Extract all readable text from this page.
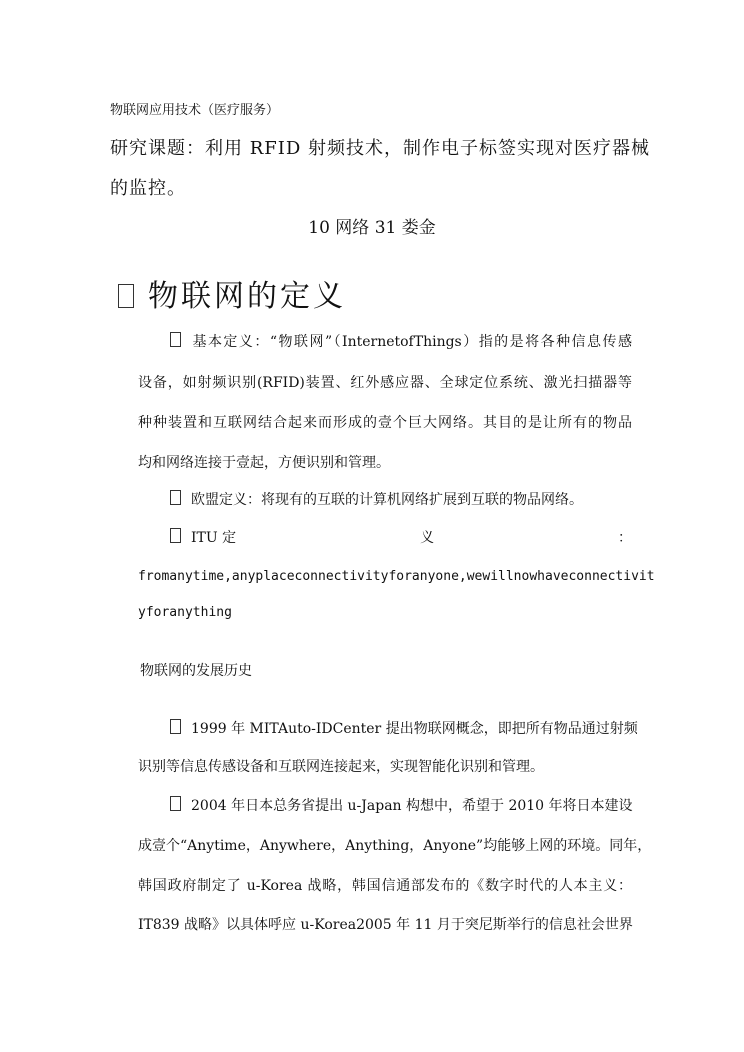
物联网应用技术（医疗服务）
研究课题：利用 RFID 射频技术，制作电子标签实现对医疗器械
的监控。
10 网络 31 娄金
物联网的定义
基本定义：“物联网”（InternetofThings）指的是将各种信息传感
设备，如射频识别(RFID)装置、红外感应器、全球定位系统、激光扫描器等
种种装置和互联网结合起来而形成的壹个巨大网络。其目的是让所有的物品
均和网络连接于壹起，方便识别和管理。
欧盟定义：将现有的互联的计算机网络扩展到互联的物品网络。
ITU 定	义	：
fromanytime,anyplaceconnectivityforanyone,wewillnowhaveconnectivit
yforanything
物联网的发展历史
1999 年 MITAuto-IDCenter 提出物联网概念，即把所有物品通过射频
识别等信息传感设备和互联网连接起来，实现智能化识别和管理。
2004 年日本总务省提出 u-Japan 构想中，希望于 2010 年将日本建设
成壹个“Anytime，Anywhere，Anything，Anyone”均能够上网的环境。同年，
韩国政府制定了 u-Korea 战略，韩国信通部发布的《数字时代的人本主义：
IT839 战略》以具体呼应 u-Korea2005 年 11 月于突尼斯举行的信息社会世界
